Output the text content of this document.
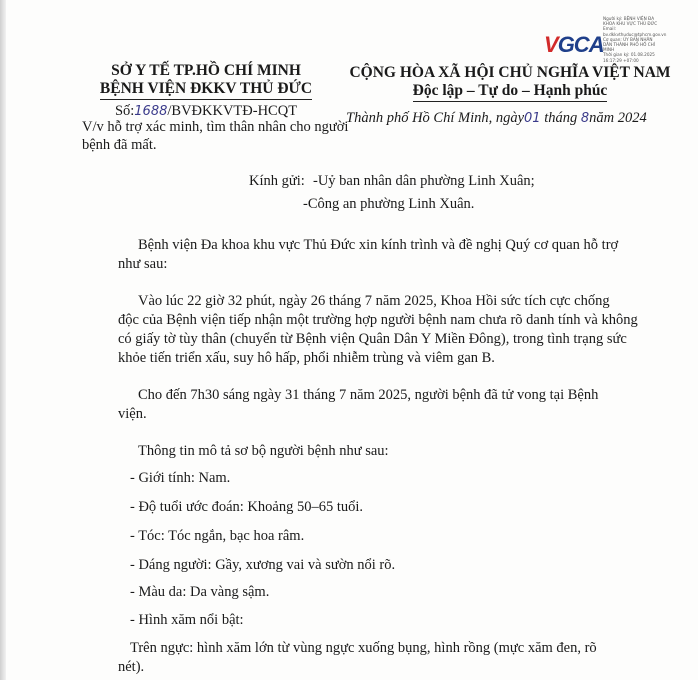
VGCA
Người ký: BỆNH VIỆN ĐA
KHOA KHU VỰC THỦ ĐỨC
Email:
bv.dkkvthuduc@tphcm.gov.vn
Cơ quan: ỦY BAN NHÂN
DÂN THÀNH PHỐ HỒ CHÍ
MINH
Thời gian ký: 01.08.2025
16:17:29 +07:00
SỞ Y TẾ TP.HỒ CHÍ MINH
BỆNH VIỆN ĐKKV THỦ ĐỨC
Số:1688/BVĐKKVTĐ-HCQT
V/v hỗ trợ xác minh, tìm thân nhân cho người bệnh đã mất.
CỘNG HÒA XÃ HỘI CHỦ NGHĨA VIỆT NAM
Độc lập – Tự do – Hạnh phúc
Thành phố Hồ Chí Minh, ngày01 tháng 8năm 2024
Kính gửi: -Uỷ ban nhân dân phường Linh Xuân;
-Công an phường Linh Xuân.
Bệnh viện Đa khoa khu vực Thủ Đức xin kính trình và đề nghị Quý cơ quan hỗ trợ
như sau:
Vào lúc 22 giờ 32 phút, ngày 26 tháng 7 năm 2025, Khoa Hồi sức tích cực chống
độc của Bệnh viện tiếp nhận một trường hợp người bệnh nam chưa rõ danh tính và không
có giấy tờ tùy thân (chuyển từ Bệnh viện Quân Dân Y Miền Đông), trong tình trạng sức
khỏe tiến triển xấu, suy hô hấp, phổi nhiễm trùng và viêm gan B.
Cho đến 7h30 sáng ngày 31 tháng 7 năm 2025, người bệnh đã tử vong tại Bệnh
viện.
Thông tin mô tả sơ bộ người bệnh như sau:
- Giới tính: Nam.
- Độ tuổi ước đoán: Khoảng 50–65 tuổi.
- Tóc: Tóc ngắn, bạc hoa râm.
- Dáng người: Gầy, xương vai và sườn nổi rõ.
- Màu da: Da vàng sậm.
- Hình xăm nổi bật:
Trên ngực: hình xăm lớn từ vùng ngực xuống bụng, hình rồng (mực xăm đen, rõ
nét).
